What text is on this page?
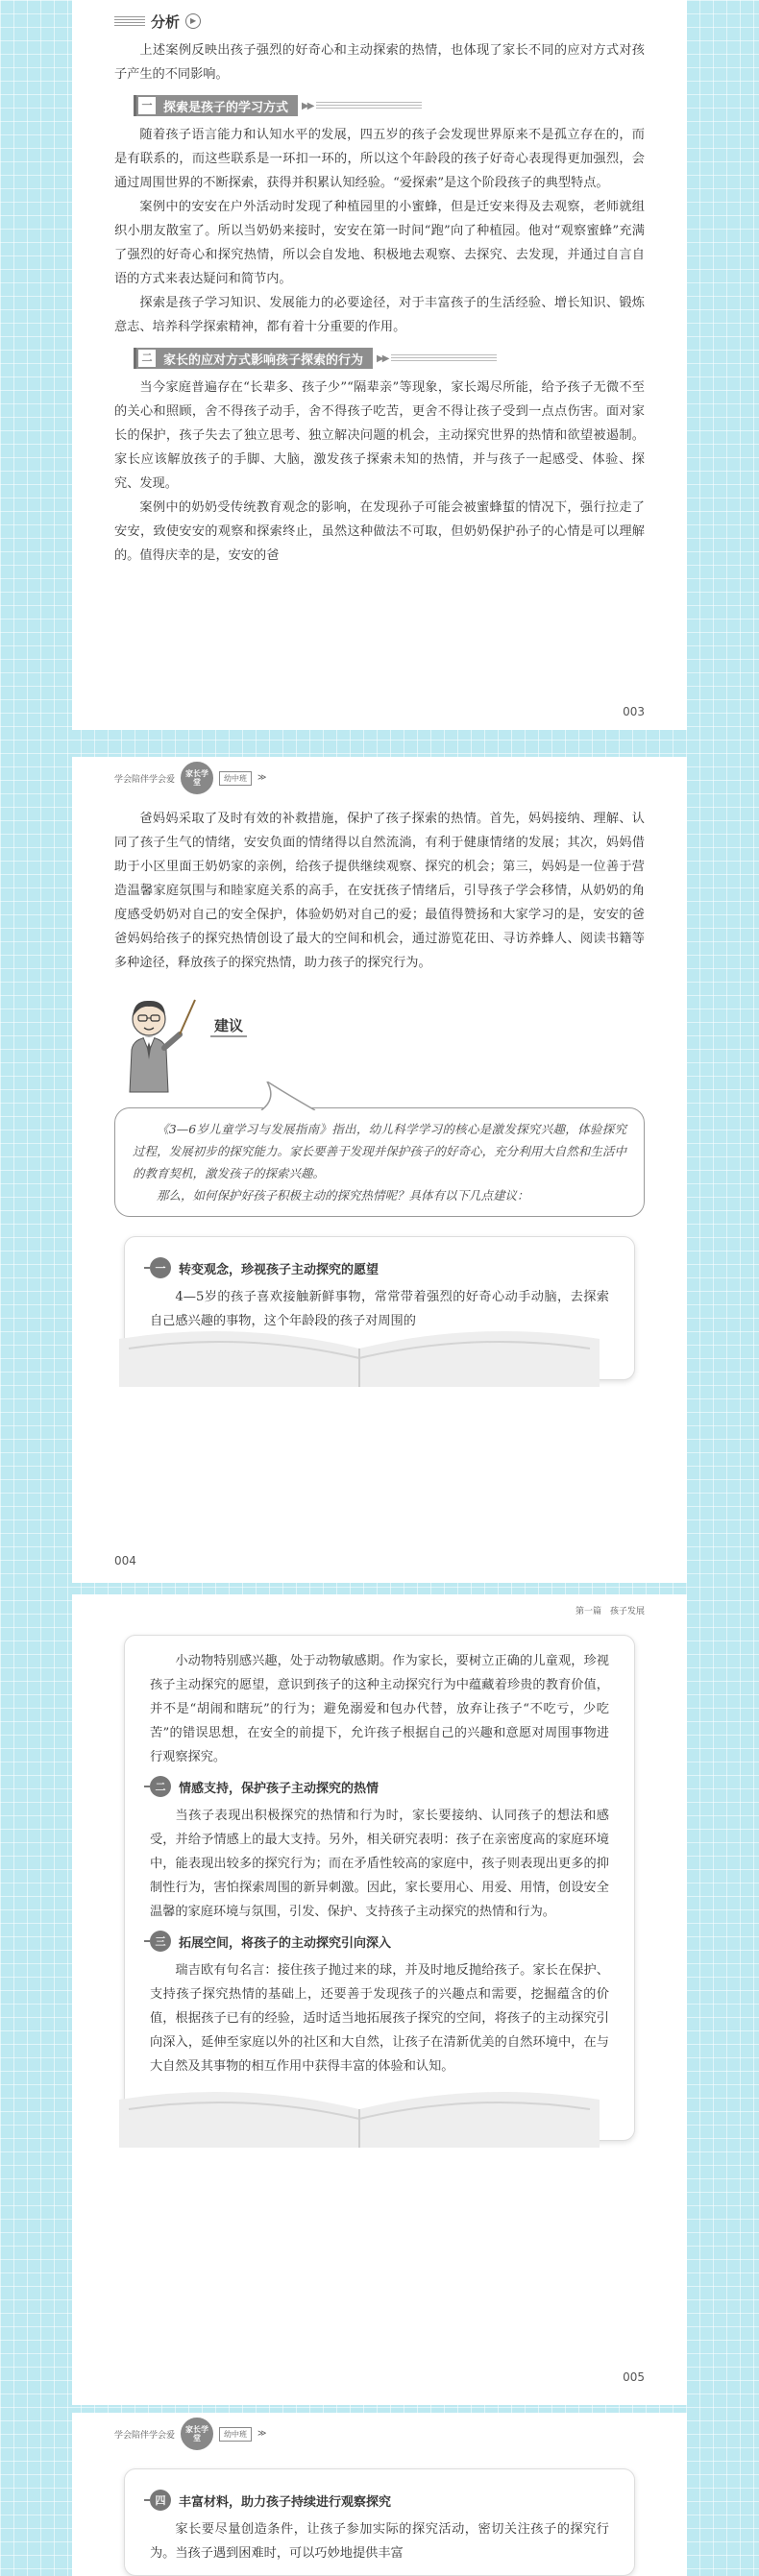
分析	▶

上述案例反映出孩子强烈的好奇心和主动探索的热情，也体现了家长不同的应对方式对孩子产生的不同影响。

一 探索是孩子的学习方式 ▶▶

随着孩子语言能力和认知水平的发展，四五岁的孩子会发现世界原来不是孤立存在的，而是有联系的，而这些联系是一环扣一环的，所以这个年龄段的孩子好奇心表现得更加强烈，会通过周围世界的不断探索，获得并积累认知经验。“爱探索”是这个阶段孩子的典型特点。

案例中的安安在户外活动时发现了种植园里的小蜜蜂，但是迁安来得及去观察，老师就组织小朋友散室了。所以当奶奶来接时，安安在第一时间“跑”向了种植园。他对“观察蜜蜂”充满了强烈的好奇心和探究热情，所以会自发地、积极地去观察、去探究、去发现，并通过自言自语的方式来表达疑问和简节内。

探索是孩子学习知识、发展能力的必要途径，对于丰富孩子的生活经验、增长知识、锻炼意志、培养科学探索精神，都有着十分重要的作用。

二 家长的应对方式影响孩子探索的行为 ▶▶

当今家庭普遍存在“长辈多、孩子少”“隔辈亲”等现象，家长竭尽所能，给予孩子无微不至的关心和照顾，舍不得孩子动手，舍不得孩子吃苦，更舍不得让孩子受到一点点伤害。面对家长的保护，孩子失去了独立思考、独立解决问题的机会，主动探究世界的热情和欲望被遏制。家长应该解放孩子的手脚、大脑，激发孩子探索未知的热情，并与孩子一起感受、体验、探究、发现。

案例中的奶奶受传统教育观念的影响，在发现孙子可能会被蜜蜂蜇的情况下，强行拉走了安安，致使安安的观察和探索终止，虽然这种做法不可取，但奶奶保护孙子的心情是可以理解的。值得庆幸的是，安安的爸

003
学会陪伴学会爱
家长学堂	幼中班	≫

爸妈妈采取了及时有效的补救措施，保护了孩子探索的热情。首先，妈妈接纳、理解、认同了孩子生气的情绪，安安负面的情绪得以自然流淌，有利于健康情绪的发展；其次，妈妈借助于小区里面王奶奶家的亲例，给孩子提供继续观察、探究的机会；第三，妈妈是一位善于营造温馨家庭氛围与和睦家庭关系的高手，在安抚孩子情绪后，引导孩子学会移情，从奶奶的角度感受奶奶对自己的安全保护，体验奶奶对自己的爱；最值得赞扬和大家学习的是，安安的爸爸妈妈给孩子的探究热情创设了最大的空间和机会，通过游览花田、寻访养蜂人、阅读书籍等多种途径，释放孩子的探究热情，助力孩子的探究行为。

建议

《3—6岁儿童学习与发展指南》指出，幼儿科学学习的核心是激发探究兴趣，体验探究过程，发展初步的探究能力。家长要善于发现并保护孩子的好奇心，充分利用大自然和生活中的教育契机，激发孩子的探索兴趣。

那么，如何保护好孩子积极主动的探究热情呢？具体有以下几点建议：

一	转变观念，珍视孩子主动探究的愿望

4—5岁的孩子喜欢接触新鲜事物，常常带着强烈的好奇心动手动脑，去探索自己感兴趣的事物，这个年龄段的孩子对周围的

004
第一篇　孩子发展

小动物特别感兴趣，处于动物敏感期。作为家长，要树立正确的儿童观，珍视孩子主动探究的愿望，意识到孩子的这种主动探究行为中蕴藏着珍贵的教育价值，并不是“胡闹和瞎玩”的行为；避免溺爱和包办代替，放弃让孩子“不吃亏，少吃苦”的错误思想，在安全的前提下，允许孩子根据自己的兴趣和意愿对周围事物进行观察探究。

二	情感支持，保护孩子主动探究的热情

当孩子表现出积极探究的热情和行为时，家长要接纳、认同孩子的想法和感受，并给予情感上的最大支持。另外，相关研究表明：孩子在亲密度高的家庭环境中，能表现出较多的探究行为；而在矛盾性较高的家庭中，孩子则表现出更多的抑制性行为，害怕探索周围的新异刺激。因此，家长要用心、用爱、用情，创设安全温馨的家庭环境与氛围，引发、保护、支持孩子主动探究的热情和行为。

三	拓展空间，将孩子的主动探究引向深入

瑞吉欧有句名言：接住孩子抛过来的球，并及时地反抛给孩子。家长在保护、支持孩子探究热情的基础上，还要善于发现孩子的兴趣点和需要，挖掘蕴含的价值，根据孩子已有的经验，适时适当地拓展孩子探究的空间，将孩子的主动探究引向深入，延伸至家庭以外的社区和大自然，让孩子在清新优美的自然环境中，在与大自然及其事物的相互作用中获得丰富的体验和认知。

005
学会陪伴学会爱
家长学堂	幼中班	≫
四	丰富材料，助力孩子持续进行观察探究

家长要尽量创造条件，让孩子参加实际的探究活动，密切关注孩子的探究行为。当孩子遇到困难时，可以巧妙地提供丰富
